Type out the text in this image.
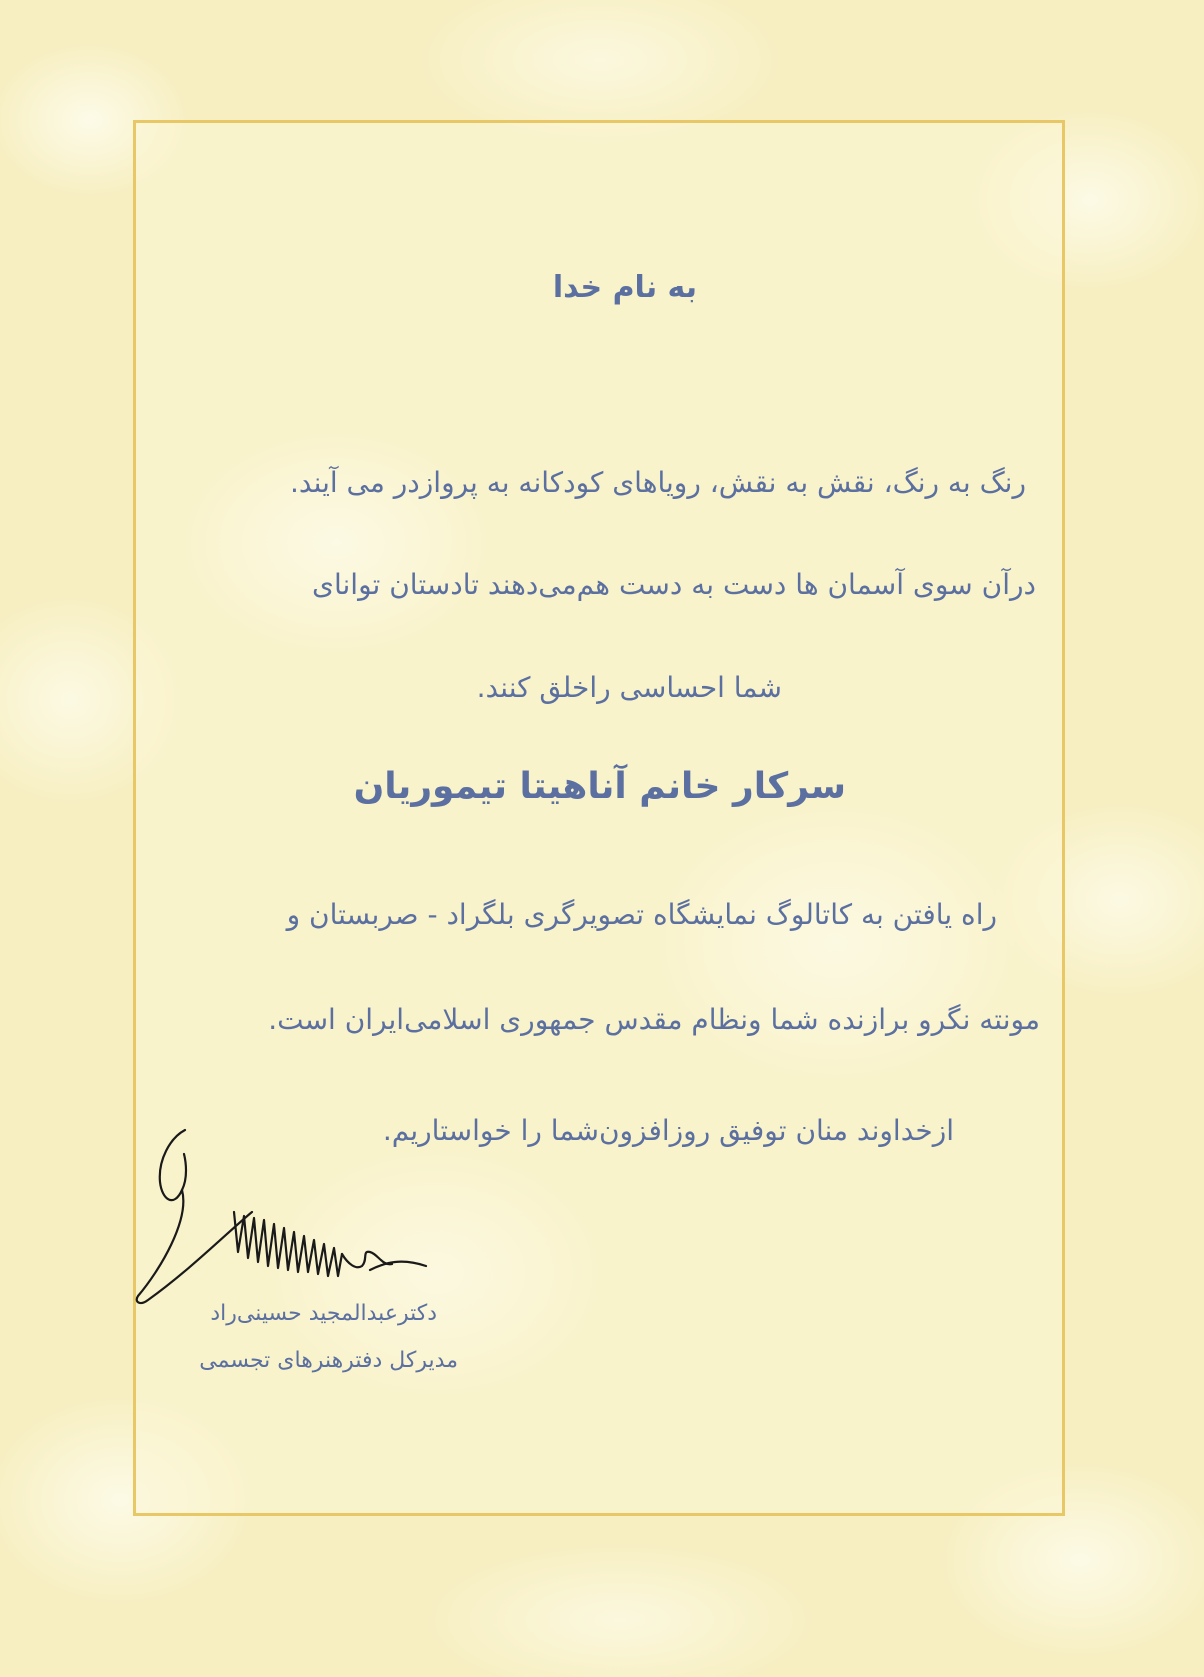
به نام خدا
رنگ به رنگ، نقش به نقش، رویاهای کودکانه به پروازدر می آیند.
درآن سوی آسمان ها دست به دست هم‌می‌دهند تادستان توانای
شما احساسی راخلق کنند.
سرکار خانم آناهیتا تیموریان
راه یافتن به کاتالوگ نمایشگاه تصویرگری بلگراد - صربستان و
مونته نگرو برازنده شما ونظام مقدس جمهوری اسلامی‌ایران است.
ازخداوند منان توفیق روزافزون‌شما را خواستاریم.
دکترعبدالمجید حسینی‌راد
مدیرکل دفترهنرهای تجسمی
